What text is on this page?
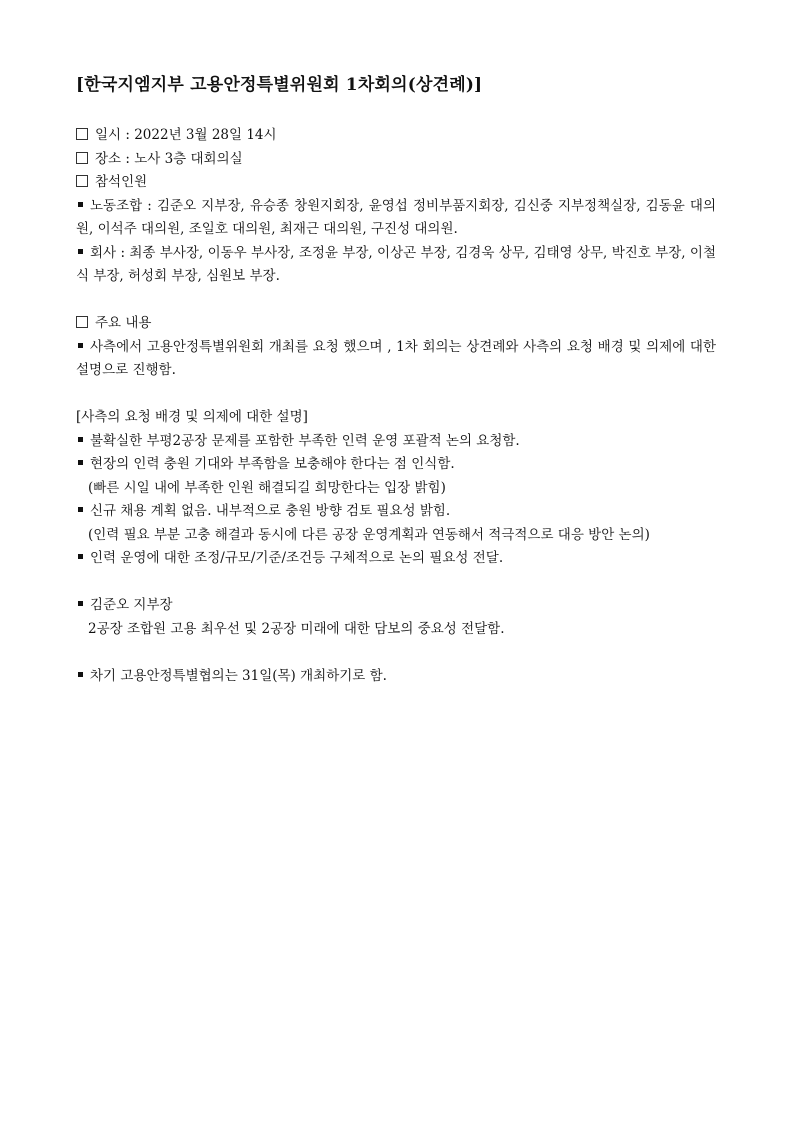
[한국지엠지부 고용안정특별위원회 1차회의(상견례)]
일시 : 2022년 3월 28일 14시
장소 : 노사 3층 대회의실
참석인원
노동조합 : 김준오 지부장, 유승종 창원지회장, 윤영섭 정비부품지회장, 김신중 지부정책실장, 김동윤 대의원, 이석주 대의원, 조일호 대의원, 최재근 대의원, 구진성 대의원.
회사 : 최종 부사장, 이동우 부사장, 조정윤 부장, 이상곤 부장, 김경욱 상무, 김태영 상무, 박진호 부장, 이철식 부장, 허성회 부장, 심원보 부장.
주요 내용
사측에서 고용안정특별위원회 개최를 요청 했으며 , 1차 회의는 상견례와 사측의 요청 배경 및 의제에 대한 설명으로 진행함.
[사측의 요청 배경 및 의제에 대한 설명]
불확실한 부평2공장 문제를 포함한 부족한 인력 운영 포괄적 논의 요청함.
현장의 인력 충원 기대와 부족함을 보충해야 한다는 점 인식함.
(빠른 시일 내에 부족한 인원 해결되길 희망한다는 입장 밝힘)
신규 채용 계획 없음. 내부적으로 충원 방향 검토 필요성 밝힘.
(인력 필요 부분 고충 해결과 동시에 다른 공장 운영계획과 연동해서 적극적으로 대응 방안 논의)
인력 운영에 대한 조정/규모/기준/조건등 구체적으로 논의 필요성 전달.
김준오 지부장
2공장 조합원 고용 최우선 및 2공장 미래에 대한 담보의 중요성 전달함.
차기 고용안정특별협의는 31일(목) 개최하기로 함.
